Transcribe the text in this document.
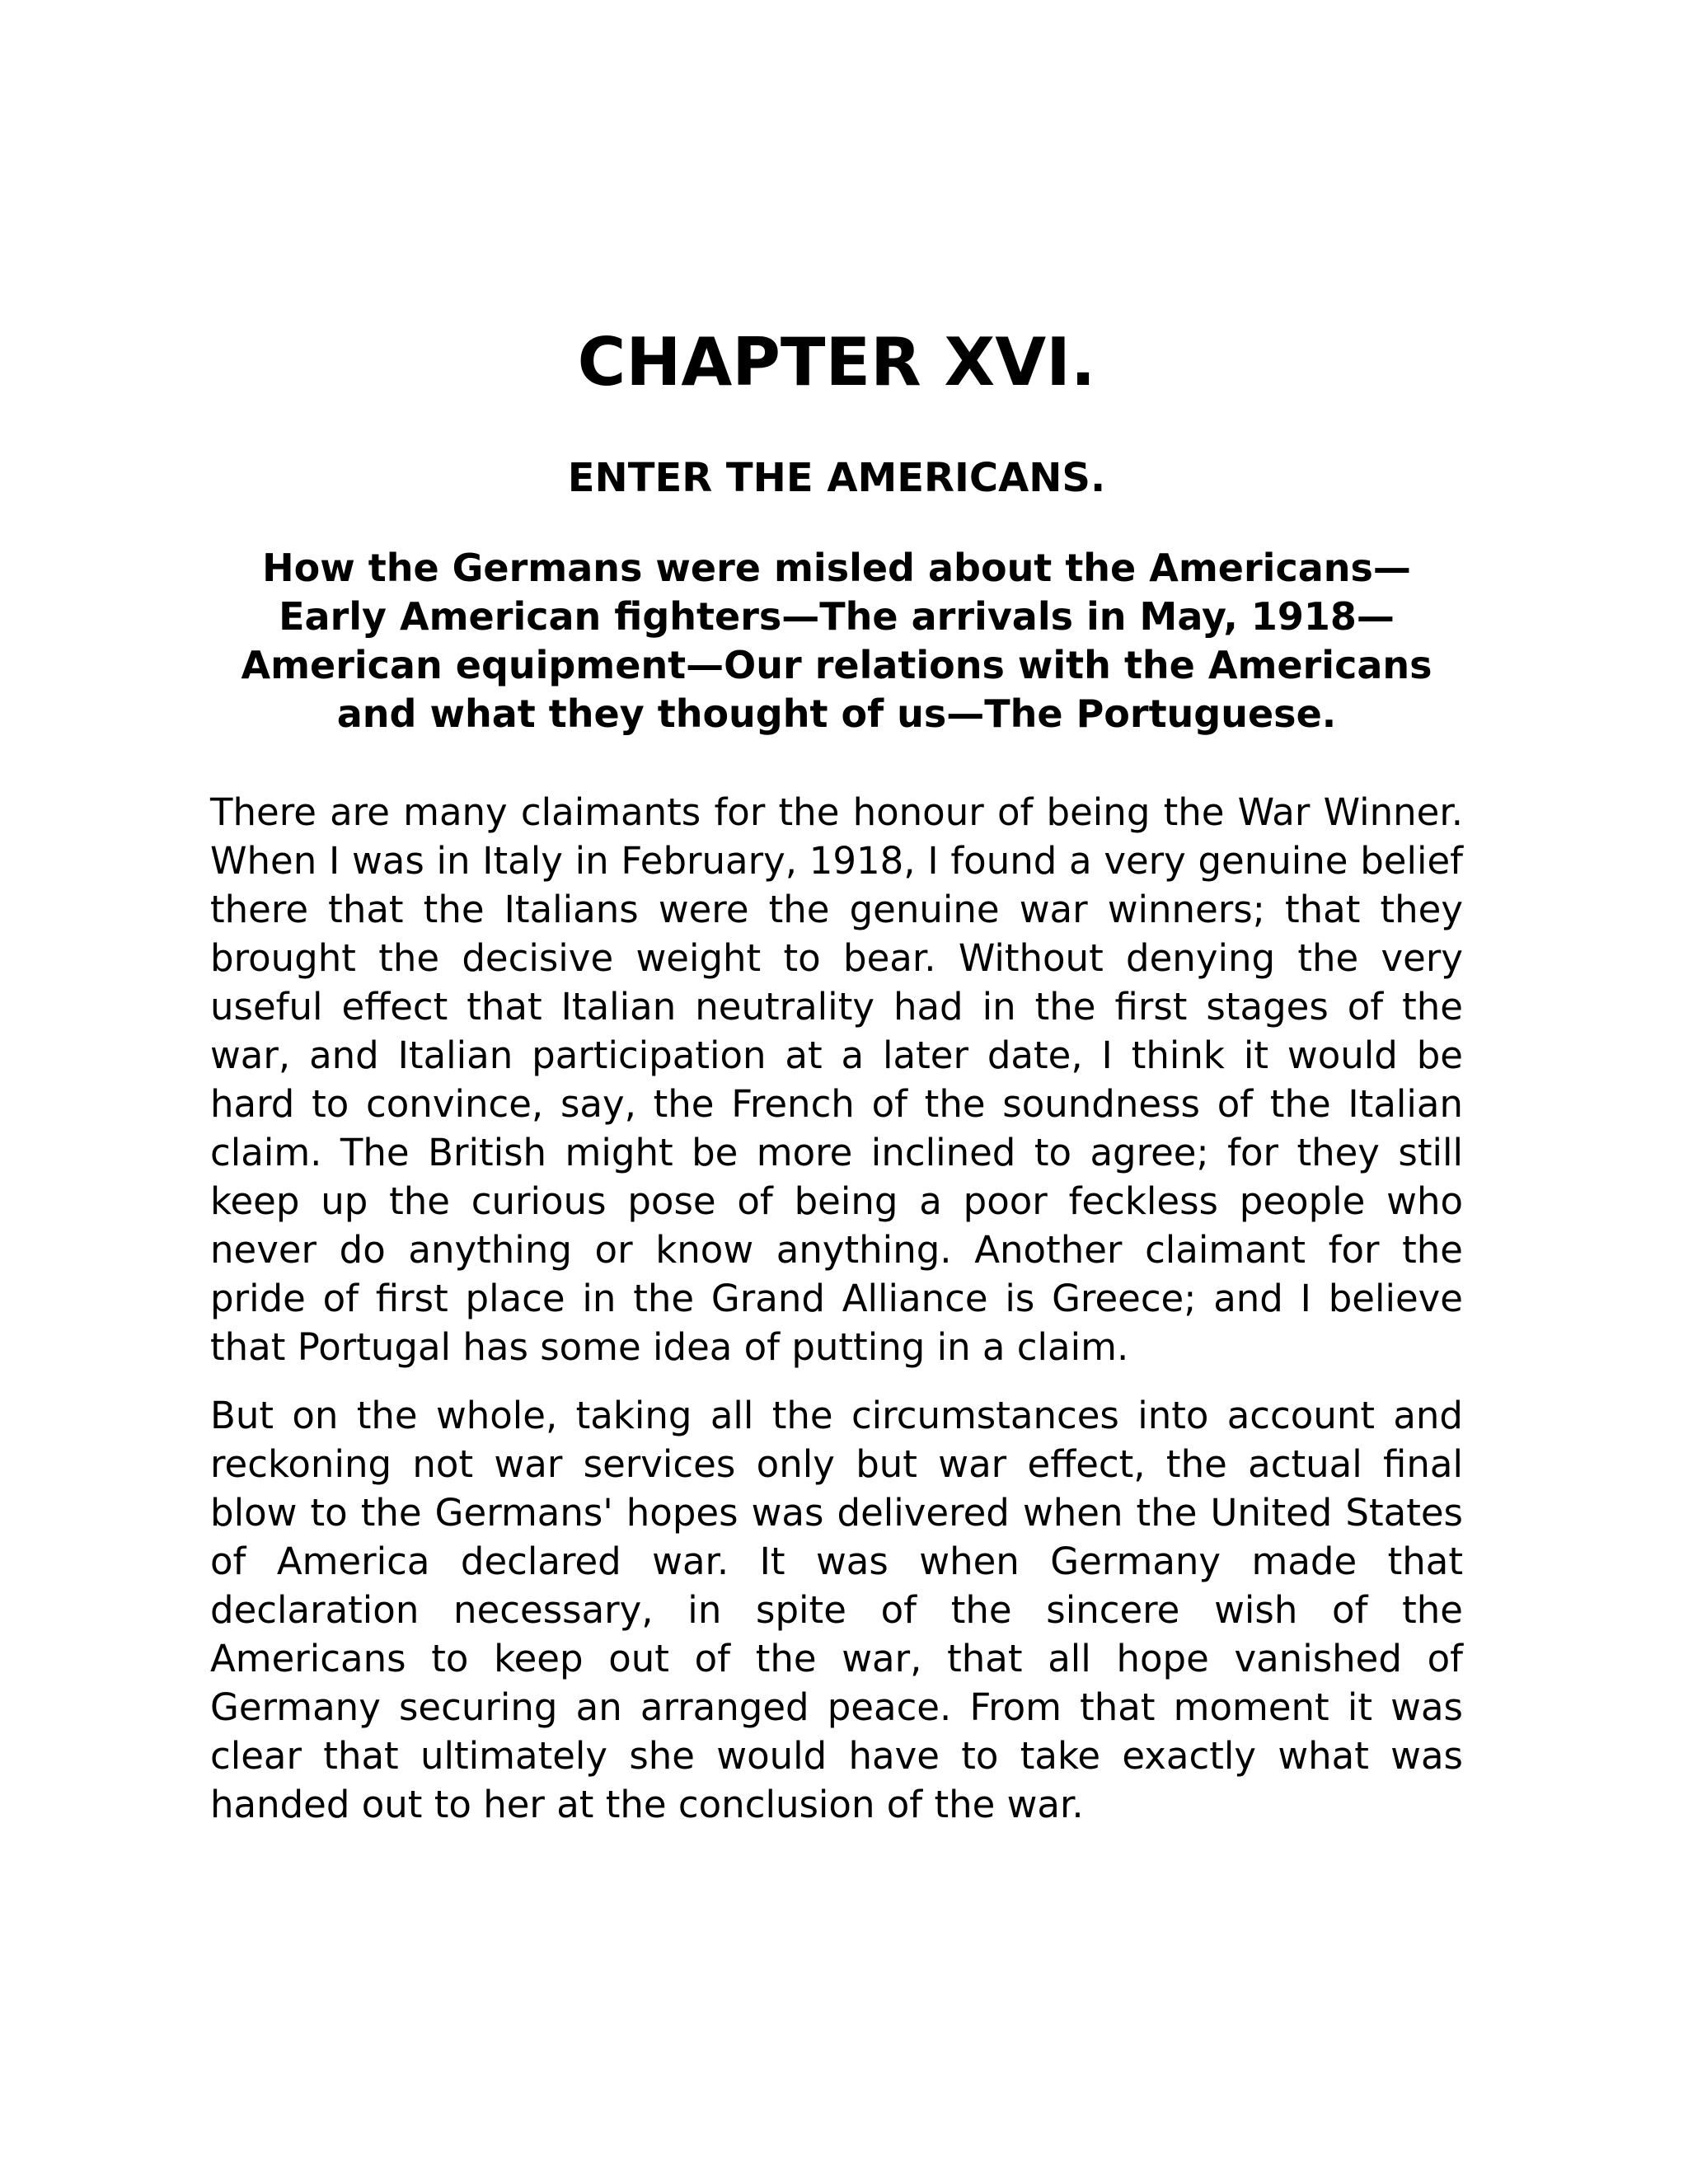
CHAPTER XVI.
ENTER THE AMERICANS.

How the Germans were misled about the Americans—Early American fighters—The arrivals in May, 1918—American equipment—Our relations with the Americans and what they thought of us—The Portuguese.

There are many claimants for the honour of being the War Winner. When I was in Italy in February, 1918, I found a very genuine belief there that the Italians were the genuine war winners; that they brought the decisive weight to bear. Without denying the very useful effect that Italian neutrality had in the first stages of the war, and Italian participation at a later date, I think it would be hard to convince, say, the French of the soundness of the Italian claim. The British might be more inclined to agree; for they still keep up the curious pose of being a poor feckless people who never do anything or know anything. Another claimant for the pride of first place in the Grand Alliance is Greece; and I believe that Portugal has some idea of putting in a claim.

But on the whole, taking all the circumstances into account and reckoning not war services only but war effect, the actual final blow to the Germans' hopes was delivered when the United States of America declared war. It was when Germany made that declaration necessary, in spite of the sincere wish of the Americans to keep out of the war, that all hope vanished of Germany securing an arranged peace. From that moment it was clear that ultimately she would have to take exactly what was handed out to her at the conclusion of the war.
